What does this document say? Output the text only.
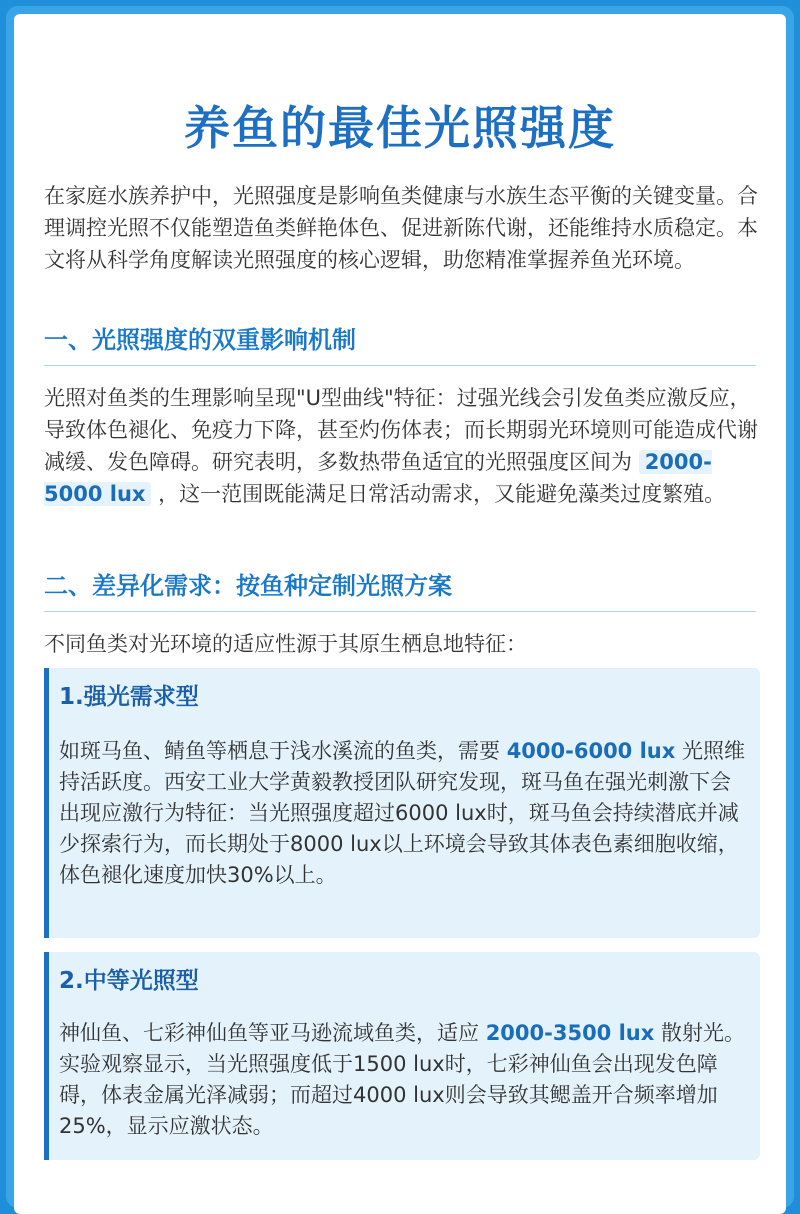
养鱼的最佳光照强度

在家庭水族养护中，光照强度是影响鱼类健康与水族生态平衡的关键变量。合理调控光照不仅能塑造鱼类鲜艳体色、促进新陈代谢，还能维持水质稳定。本文将从科学角度解读光照强度的核心逻辑，助您精准掌握养鱼光环境。

一、光照强度的双重影响机制

光照对鱼类的生理影响呈现"U型曲线"特征：过强光线会引发鱼类应激反应，导致体色褪化、免疫力下降，甚至灼伤体表；而长期弱光环境则可能造成代谢减缓、发色障碍。研究表明，多数热带鱼适宜的光照强度区间为 2000-5000 lux ，这一范围既能满足日常活动需求，又能避免藻类过度繁殖。

二、差异化需求：按鱼种定制光照方案

不同鱼类对光环境的适应性源于其原生栖息地特征：

1.强光需求型

如斑马鱼、鲭鱼等栖息于浅水溪流的鱼类，需要 4000-6000 lux 光照维持活跃度。西安工业大学黄毅教授团队研究发现，斑马鱼在强光刺激下会出现应激行为特征：当光照强度超过6000 lux时，斑马鱼会持续潜底并减少探索行为，而长期处于8000 lux以上环境会导致其体表色素细胞收缩，体色褪化速度加快30%以上。

2.中等光照型

神仙鱼、七彩神仙鱼等亚马逊流域鱼类，适应 2000-3500 lux 散射光。实验观察显示，当光照强度低于1500 lux时，七彩神仙鱼会出现发色障碍，体表金属光泽减弱；而超过4000 lux则会导致其鳃盖开合频率增加25%，显示应激状态。
